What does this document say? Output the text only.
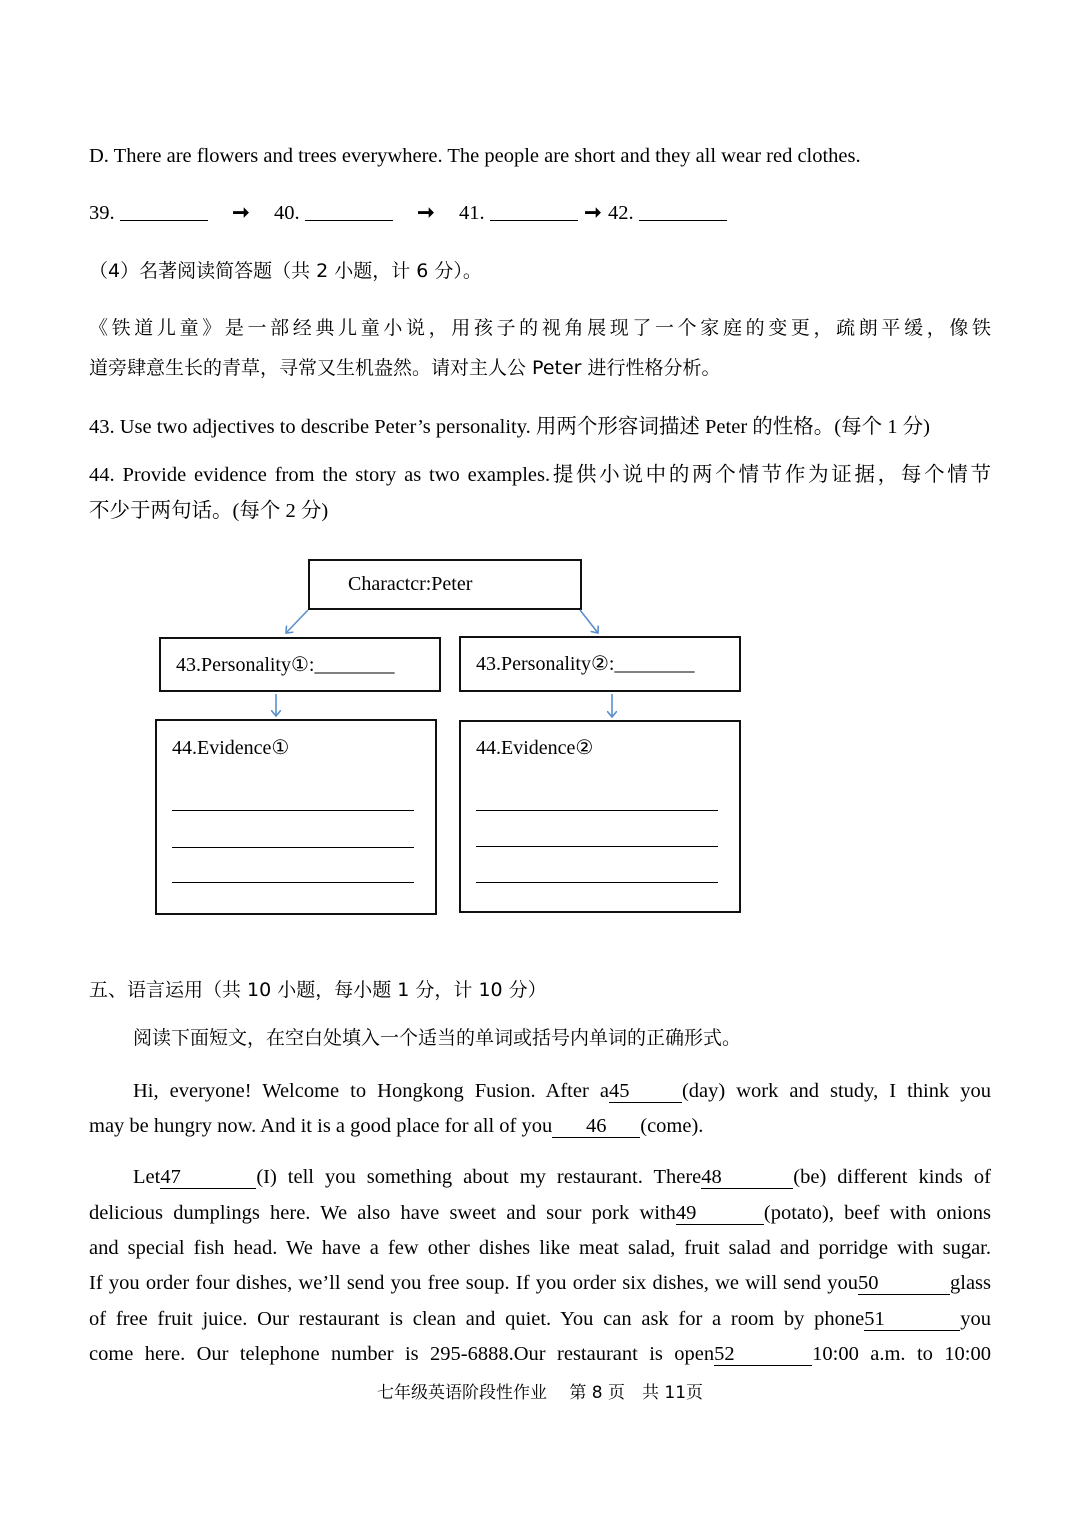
D. There are flowers and trees everywhere. The people are short and they all wear red clothes.
39.	➞ 40.	➞ 41.	➞ 42.
（4）名著阅读简答题（共 2 小题，计 6 分）。
《铁道儿童》是一部经典儿童小说，用孩子的视角展现了一个家庭的变更，疏朗平缓，像铁
道旁肆意生长的青草，寻常又生机盎然。请对主人公 Peter 进行性格分析。
43. Use two adjectives to describe Peter’s personality. 用两个形容词描述 Peter 的性格。(每个 1 分)
44. Provide evidence from the story as two examples.提供小说中的两个情节作为证据，每个情节
不少于两句话。(每个 2 分)
Charactcr:Peter
43.Personality①:________	43.Personality②:________
44.Evidence①	44.Evidence②
五、语言运用（共 10 小题，每小题 1 分，计 10 分）
阅读下面短文，在空白处填入一个适当的单词或括号内单词的正确形式。
Hi, everyone! Welcome to Hongkong Fusion. After a45	(day) work and study, I think you
may be hungry now. And it is a good place for all of you 46 (come).
Let47	(I) tell you something about my restaurant. There48	(be) different kinds of
delicious dumplings here. We also have sweet and sour pork with49	(potato), beef with onions
and special fish head. We have a few other dishes like meat salad, fruit salad and porridge with sugar.
If you order four dishes, we’ll send you free soup. If you order six dishes, we will send you50	glass
of free fruit juice. Our restaurant is clean and quiet. You can ask for a room by phone51	you
come here. Our telephone number is 295-6888.Our restaurant is open52	10:00 a.m. to 10:00
七年级英语阶段性作业　 第 8 页　共 11页
